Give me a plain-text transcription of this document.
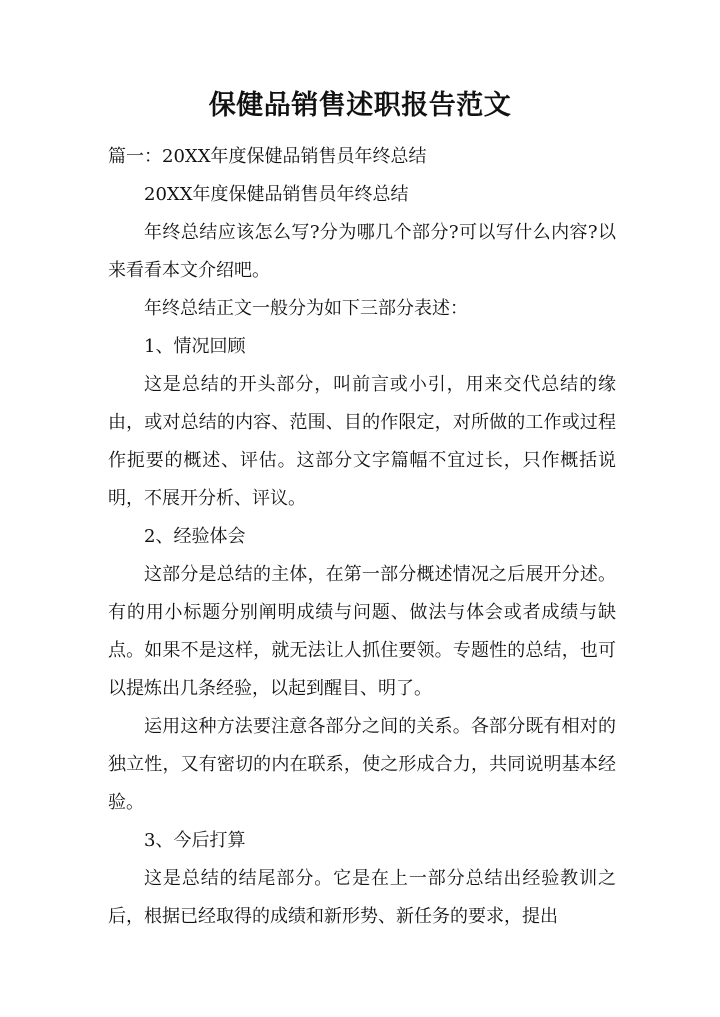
保健品销售述职报告范文

篇一：20XX年度保健品销售员年终总结

20XX年度保健品销售员年终总结

年终总结应该怎么写?分为哪几个部分?可以写什么内容?以来看看本文介绍吧。

年终总结正文一般分为如下三部分表述：

1、情况回顾

这是总结的开头部分，叫前言或小引，用来交代总结的缘由，或对总结的内容、范围、目的作限定，对所做的工作或过程作扼要的概述、评估。这部分文字篇幅不宜过长，只作概括说明，不展开分析、评议。

2、经验体会

这部分是总结的主体，在第一部分概述情况之后展开分述。有的用小标题分别阐明成绩与问题、做法与体会或者成绩与缺点。如果不是这样，就无法让人抓住要领。专题性的总结，也可以提炼出几条经验，以起到醒目、明了。

运用这种方法要注意各部分之间的关系。各部分既有相对的独立性，又有密切的内在联系，使之形成合力，共同说明基本经验。

3、今后打算

这是总结的结尾部分。它是在上一部分总结出经验教训之后，根据已经取得的成绩和新形势、新任务的要求，提出
